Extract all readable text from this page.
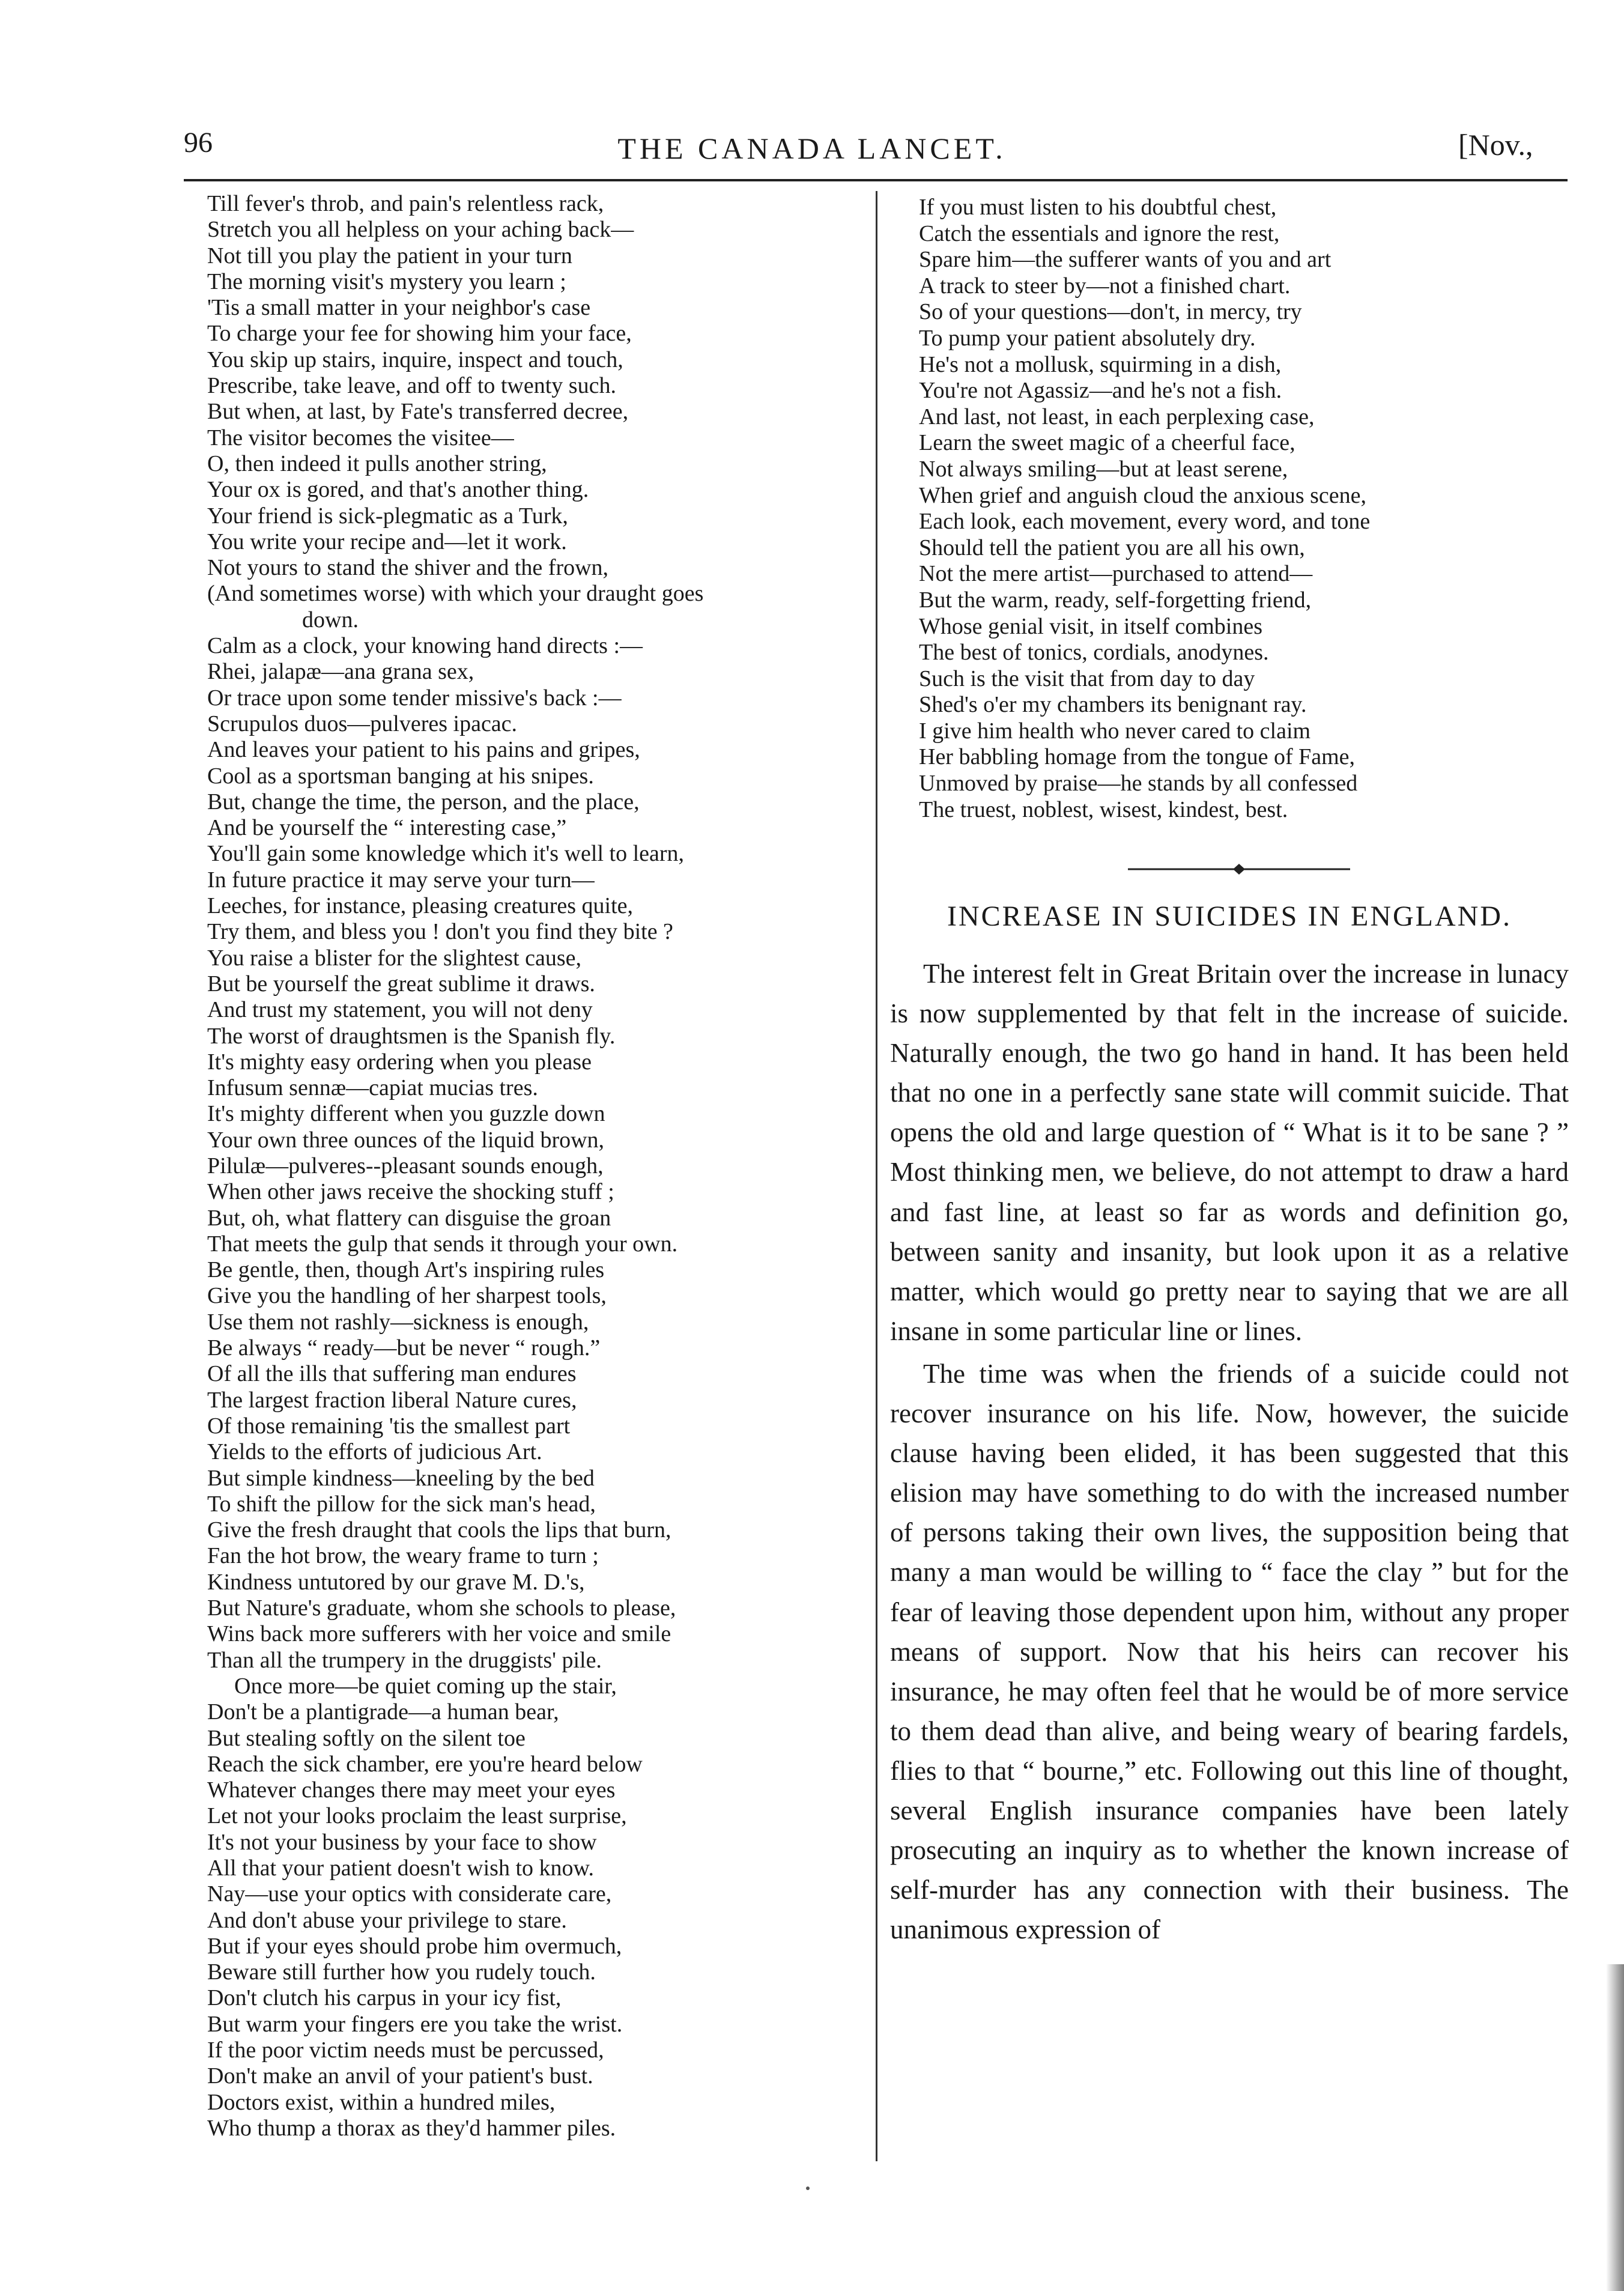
96	THE CANADA LANCET.	[Nov.,
Till fever's throb, and pain's relentless rack,
Stretch you all helpless on your aching back—
Not till you play the patient in your turn
The morning visit's mystery you learn ;
'Tis a small matter in your neighbor's case
To charge your fee for showing him your face,
You skip up stairs, inquire, inspect and touch,
Prescribe, take leave, and off to twenty such.
But when, at last, by Fate's transferred decree,
The visitor becomes the visitee—
O, then indeed it pulls another string,
Your ox is gored, and that's another thing.
Your friend is sick-plegmatic as a Turk,
You write your recipe and—let it work.
Not yours to stand the shiver and the frown,
(And sometimes worse) with which your draught goes
down.
Calm as a clock, your knowing hand directs :—
Rhei, jalapæ—ana grana sex,
Or trace upon some tender missive's back :—
Scrupulos duos—pulveres ipacac.
And leaves your patient to his pains and gripes,
Cool as a sportsman banging at his snipes.
But, change the time, the person, and the place,
And be yourself the “ interesting case,”
You'll gain some knowledge which it's well to learn,
In future practice it may serve your turn—
Leeches, for instance, pleasing creatures quite,
Try them, and bless you ! don't you find they bite ?
You raise a blister for the slightest cause,
But be yourself the great sublime it draws.
And trust my statement, you will not deny
The worst of draughtsmen is the Spanish fly.
It's mighty easy ordering when you please
Infusum sennæ—capiat mucias tres.
It's mighty different when you guzzle down
Your own three ounces of the liquid brown,
Pilulæ—pulveres--pleasant sounds enough,
When other jaws receive the shocking stuff ;
But, oh, what flattery can disguise the groan
That meets the gulp that sends it through your own.
Be gentle, then, though Art's inspiring rules
Give you the handling of her sharpest tools,
Use them not rashly—sickness is enough,
Be always “ ready—but be never “ rough.”
Of all the ills that suffering man endures
The largest fraction liberal Nature cures,
Of those remaining 'tis the smallest part
Yields to the efforts of judicious Art.
But simple kindness—kneeling by the bed
To shift the pillow for the sick man's head,
Give the fresh draught that cools the lips that burn,
Fan the hot brow, the weary frame to turn ;
Kindness untutored by our grave M. D.'s,
But Nature's graduate, whom she schools to please,
Wins back more sufferers with her voice and smile
Than all the trumpery in the druggists' pile.
Once more—be quiet coming up the stair,
Don't be a plantigrade—a human bear,
But stealing softly on the silent toe
Reach the sick chamber, ere you're heard below
Whatever changes there may meet your eyes
Let not your looks proclaim the least surprise,
It's not your business by your face to show
All that your patient doesn't wish to know.
Nay—use your optics with considerate care,
And don't abuse your privilege to stare.
But if your eyes should probe him overmuch,
Beware still further how you rudely touch.
Don't clutch his carpus in your icy fist,
But warm your fingers ere you take the wrist.
If the poor victim needs must be percussed,
Don't make an anvil of your patient's bust.
Doctors exist, within a hundred miles,
Who thump a thorax as they'd hammer piles.
If you must listen to his doubtful chest,
Catch the essentials and ignore the rest,
Spare him—the sufferer wants of you and art
A track to steer by—not a finished chart.
So of your questions—don't, in mercy, try
To pump your patient absolutely dry.
He's not a mollusk, squirming in a dish,
You're not Agassiz—and he's not a fish.
And last, not least, in each perplexing case,
Learn the sweet magic of a cheerful face,
Not always smiling—but at least serene,
When grief and anguish cloud the anxious scene,
Each look, each movement, every word, and tone
Should tell the patient you are all his own,
Not the mere artist—purchased to attend—
But the warm, ready, self-forgetting friend,
Whose genial visit, in itself combines
The best of tonics, cordials, anodynes.
Such is the visit that from day to day
Shed's o'er my chambers its benignant ray.
I give him health who never cared to claim
Her babbling homage from the tongue of Fame,
Unmoved by praise—he stands by all confessed
The truest, noblest, wisest, kindest, best.
INCREASE IN SUICIDES IN ENGLAND.

The interest felt in Great Britain over the increase in lunacy is now supplemented by that felt in the increase of suicide. Naturally enough, the two go hand in hand. It has been held that no one in a perfectly sane state will commit suicide. That opens the old and large question of “ What is it to be sane ? ” Most thinking men, we believe, do not attempt to draw a hard and fast line, at least so far as words and definition go, between sanity and insanity, but look upon it as a relative matter, which would go pretty near to saying that we are all insane in some particular line or lines.

The time was when the friends of a suicide could not recover insurance on his life. Now, however, the suicide clause having been elided, it has been suggested that this elision may have something to do with the increased number of persons taking their own lives, the supposition being that many a man would be willing to “ face the clay ” but for the fear of leaving those dependent upon him, without any proper means of support. Now that his heirs can recover his insurance, he may often feel that he would be of more service to them dead than alive, and being weary of bearing fardels, flies to that “ bourne,” etc. Following out this line of thought, several English insurance companies have been lately prosecuting an inquiry as to whether the known increase of self-murder has any connection with their business. The unanimous expression of
